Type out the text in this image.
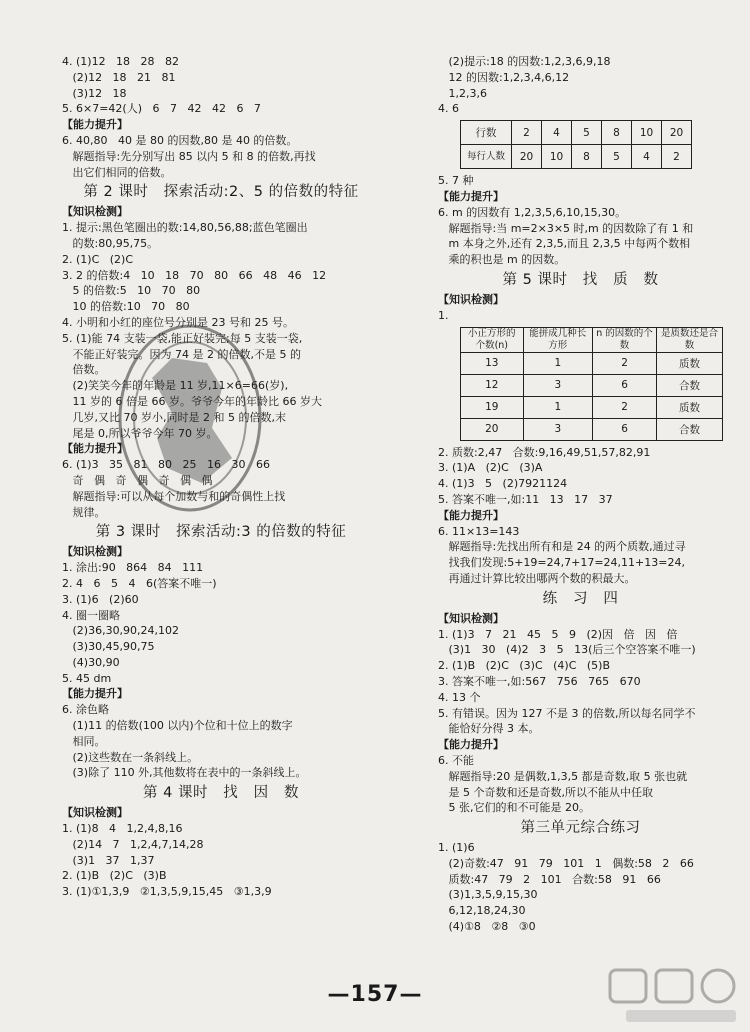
4. (1)12   18   28   82
(2)12   18   21   81
(3)12   18
5. 6×7=42(人)   6   7   42   42   6   7
【能力提升】
6. 40,80   40 是 80 的因数,80 是 40 的倍数。
解题指导:先分别写出 85 以内 5 和 8 的倍数,再找
出它们相同的倍数。
第 2 课时   探索活动:2、5 的倍数的特征
【知识检测】
1. 提示:黑色笔圈出的数:14,80,56,88;蓝色笔圈出
的数:80,95,75。
2. (1)C   (2)C
3. 2 的倍数:4   10   18   70   80   66   48   46   12
5 的倍数:5   10   70   80
10 的倍数:10   70   80
4. 小明和小红的座位号分别是 23 号和 25 号。
5. (1)能 74 支装一袋,能正好装完;每 5 支装一袋,
不能正好装完。因为 74 是 2 的倍数,不是 5 的
倍数。
(2)笑笑今年的年龄是 11 岁,11×6=66(岁),
11 岁的 6 倍是 66 岁。爷爷今年的年龄比 66 岁大
几岁,又比 70 岁小,同时是 2 和 5 的倍数,末
尾是 0,所以爷爷今年 70 岁。
【能力提升】
6. (1)3   35   81   80   25   16   30   66
奇   偶   奇   偶   奇   偶   偶
解题指导:可以从每个加数与和的奇偶性上找
规律。
第 3 课时   探索活动:3 的倍数的特征
【知识检测】
1. 涂出:90   864   84   111
2. 4   6   5   4   6(答案不唯一)
3. (1)6   (2)60
4. 圈一圈略
(2)36,30,90,24,102
(3)30,45,90,75
(4)30,90
5. 45 dm
【能力提升】
6. 涂色略
(1)11 的倍数(100 以内)个位和十位上的数字
相同。
(2)这些数在一条斜线上。
(3)除了 110 外,其他数将在表中的一条斜线上。
第 4 课时   找   因   数
【知识检测】
1. (1)8   4   1,2,4,8,16
(2)14   7   1,2,4,7,14,28
(3)1   37   1,37
2. (1)B   (2)C   (3)B
3. (1)①1,3,9   ②1,3,5,9,15,45   ③1,3,9
(2)提示:18 的因数:1,2,3,6,9,18
12 的因数:1,2,3,4,6,12
1,2,3,6
4. 6
行数	2	4	5	8	10	20
每行人数	20	10	8	5	4	2
5. 7 种
【能力提升】
6. m 的因数有 1,2,3,5,6,10,15,30。
解题指导:当 m=2×3×5 时,m 的因数除了有 1 和
m 本身之外,还有 2,3,5,而且 2,3,5 中每两个数相
乘的积也是 m 的因数。
第 5 课时   找   质   数
【知识检测】
1.
小正方形的个数(n)	能拼成几种长方形	n 的因数的个数	是质数还是合数
13	1	2	质数
12	3	6	合数
19	1	2	质数
20	3	6	合数
2. 质数:2,47   合数:9,16,49,51,57,82,91
3. (1)A   (2)C   (3)A
4. (1)3   5   (2)7921124
5. 答案不唯一,如:11   13   17   37
【能力提升】
6. 11×13=143
解题指导:先找出所有和是 24 的两个质数,通过寻
找我们发现:5+19=24,7+17=24,11+13=24,
再通过计算比较出哪两个数的积最大。
练   习   四
【知识检测】
1. (1)3   7   21   45   5   9   (2)因   倍   因   倍
(3)1   30   (4)2   3   5   13(后三个空答案不唯一)
2. (1)B   (2)C   (3)C   (4)C   (5)B
3. 答案不唯一,如:567   756   765   670
4. 13 个
5. 有错误。因为 127 不是 3 的倍数,所以每名同学不
能恰好分得 3 本。
【能力提升】
6. 不能
解题指导:20 是偶数,1,3,5 都是奇数,取 5 张也就
是 5 个奇数和还是奇数,所以不能从中任取
5 张,它们的和不可能是 20。
第三单元综合练习
1. (1)6
(2)奇数:47   91   79   101   1   偶数:58   2   66
质数:47   79   2   101   合数:58   91   66
(3)1,3,5,9,15,30
6,12,18,24,30
(4)①8   ②8   ③0
—157—
